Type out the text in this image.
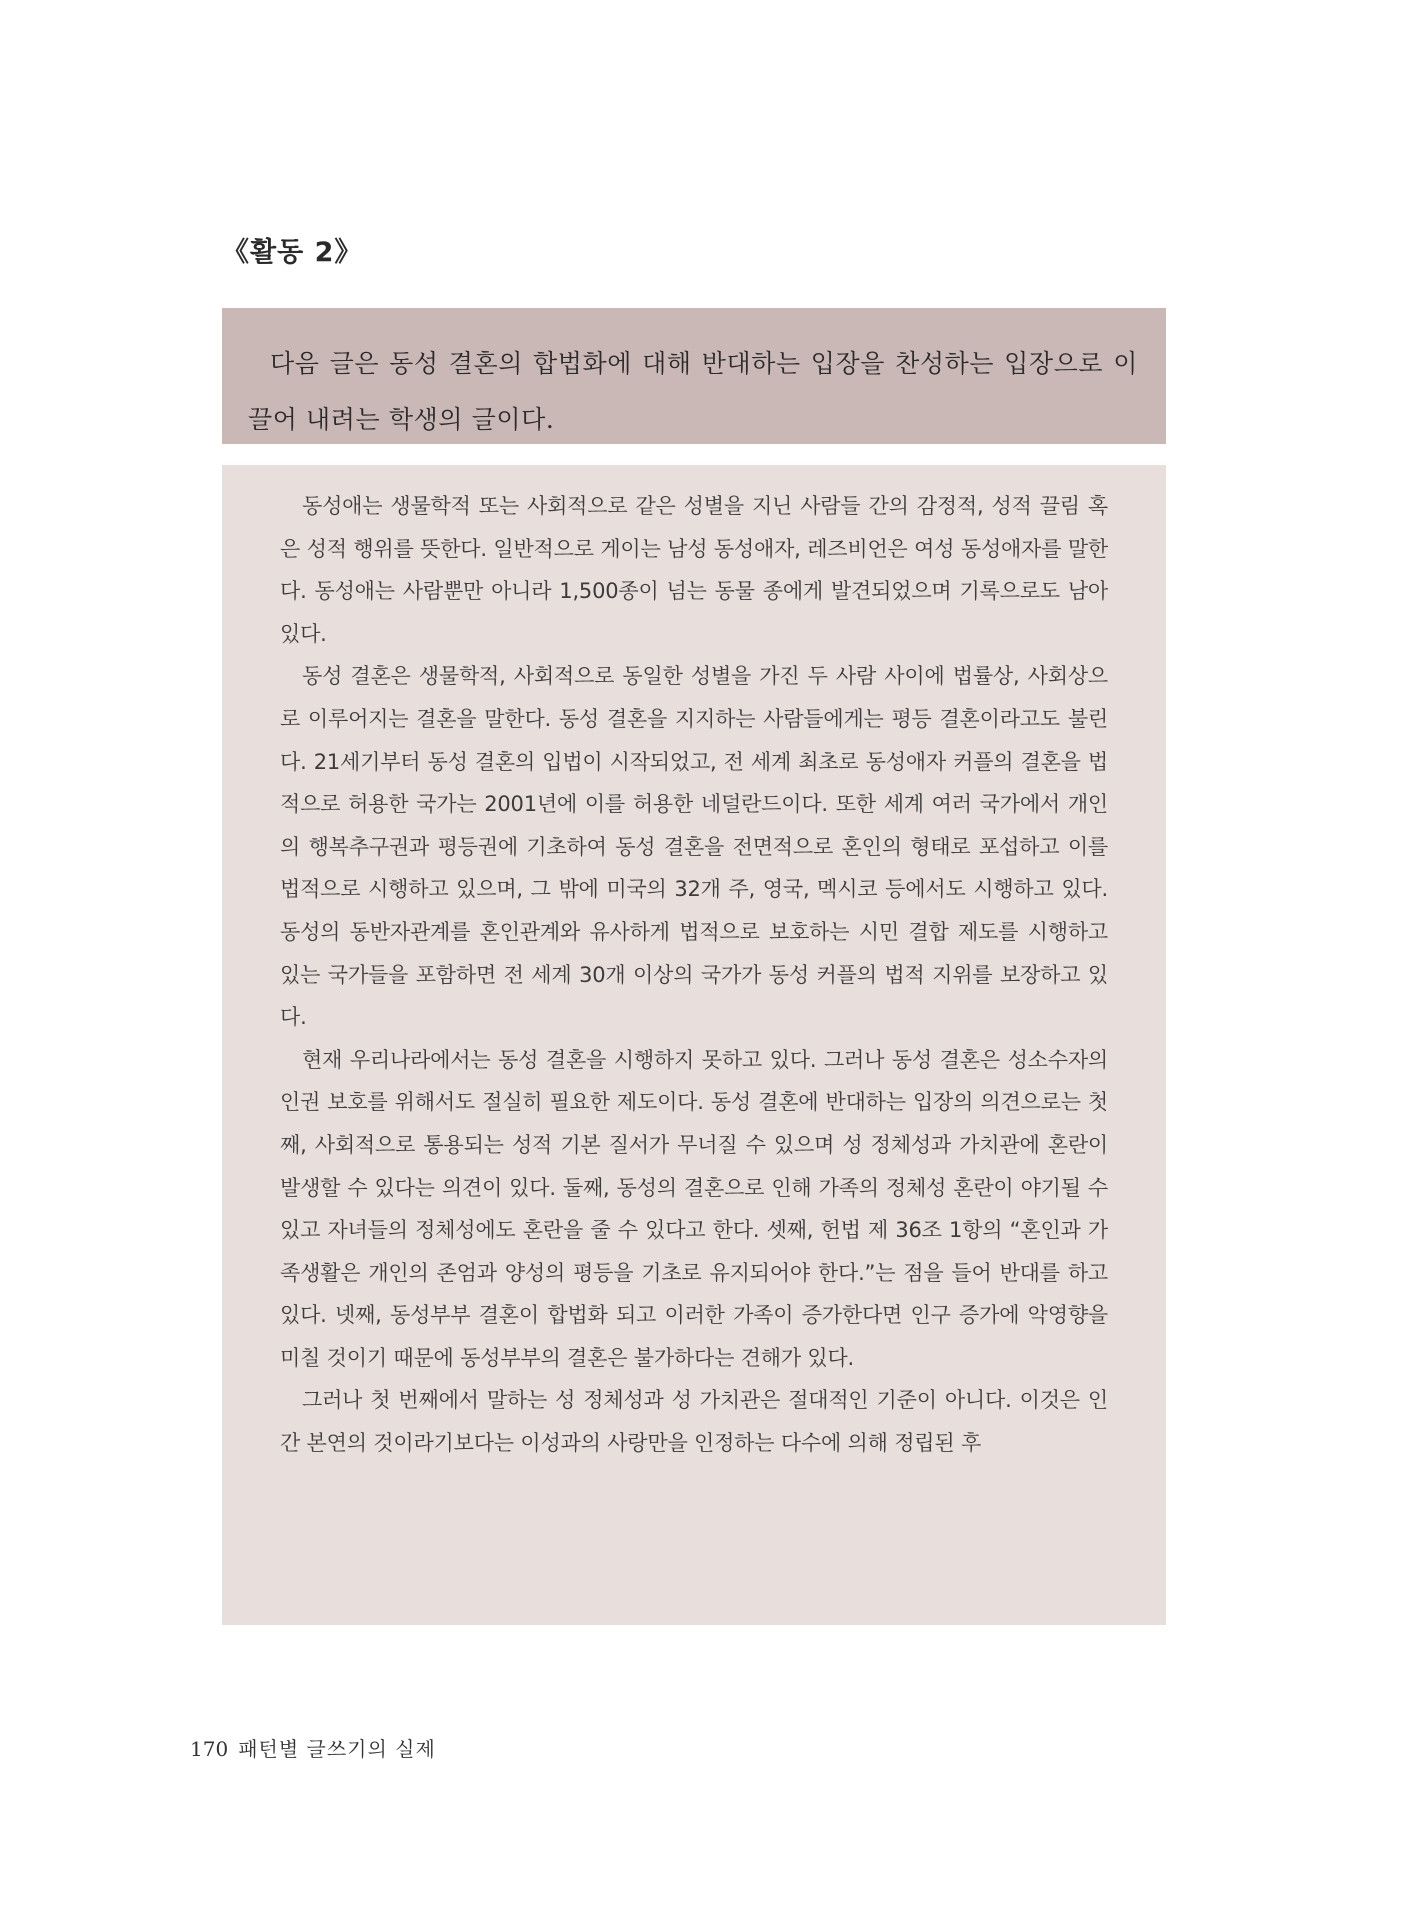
《활동 2》

다음 글은 동성 결혼의 합법화에 대해 반대하는 입장을 찬성하는 입장으로 이끌어 내려는 학생의 글이다.

동성애는 생물학적 또는 사회적으로 같은 성별을 지닌 사람들 간의 감정적, 성적 끌림 혹은 성적 행위를 뜻한다. 일반적으로 게이는 남성 동성애자, 레즈비언은 여성 동성애자를 말한다. 동성애는 사람뿐만 아니라 1,500종이 넘는 동물 종에게 발견되었으며 기록으로도 남아 있다.

동성 결혼은 생물학적, 사회적으로 동일한 성별을 가진 두 사람 사이에 법률상, 사회상으로 이루어지는 결혼을 말한다. 동성 결혼을 지지하는 사람들에게는 평등 결혼이라고도 불린다. 21세기부터 동성 결혼의 입법이 시작되었고, 전 세계 최초로 동성애자 커플의 결혼을 법적으로 허용한 국가는 2001년에 이를 허용한 네덜란드이다. 또한 세계 여러 국가에서 개인의 행복추구권과 평등권에 기초하여 동성 결혼을 전면적으로 혼인의 형태로 포섭하고 이를 법적으로 시행하고 있으며, 그 밖에 미국의 32개 주, 영국, 멕시코 등에서도 시행하고 있다. 동성의 동반자관계를 혼인관계와 유사하게 법적으로 보호하는 시민 결합 제도를 시행하고 있는 국가들을 포함하면 전 세계 30개 이상의 국가가 동성 커플의 법적 지위를 보장하고 있다.

현재 우리나라에서는 동성 결혼을 시행하지 못하고 있다. 그러나 동성 결혼은 성소수자의 인권 보호를 위해서도 절실히 필요한 제도이다. 동성 결혼에 반대하는 입장의 의견으로는 첫째, 사회적으로 통용되는 성적 기본 질서가 무너질 수 있으며 성 정체성과 가치관에 혼란이 발생할 수 있다는 의견이 있다. 둘째, 동성의 결혼으로 인해 가족의 정체성 혼란이 야기될 수 있고 자녀들의 정체성에도 혼란을 줄 수 있다고 한다. 셋째, 헌법 제 36조 1항의 “혼인과 가족생활은 개인의 존엄과 양성의 평등을 기초로 유지되어야 한다.”는 점을 들어 반대를 하고 있다. 넷째, 동성부부 결혼이 합법화 되고 이러한 가족이 증가한다면 인구 증가에 악영향을 미칠 것이기 때문에 동성부부의 결혼은 불가하다는 견해가 있다.

그러나 첫 번째에서 말하는 성 정체성과 성 가치관은 절대적인 기준이 아니다. 이것은 인간 본연의 것이라기보다는 이성과의 사랑만을 인정하는 다수에 의해 정립된 후

170 패턴별 글쓰기의 실제
